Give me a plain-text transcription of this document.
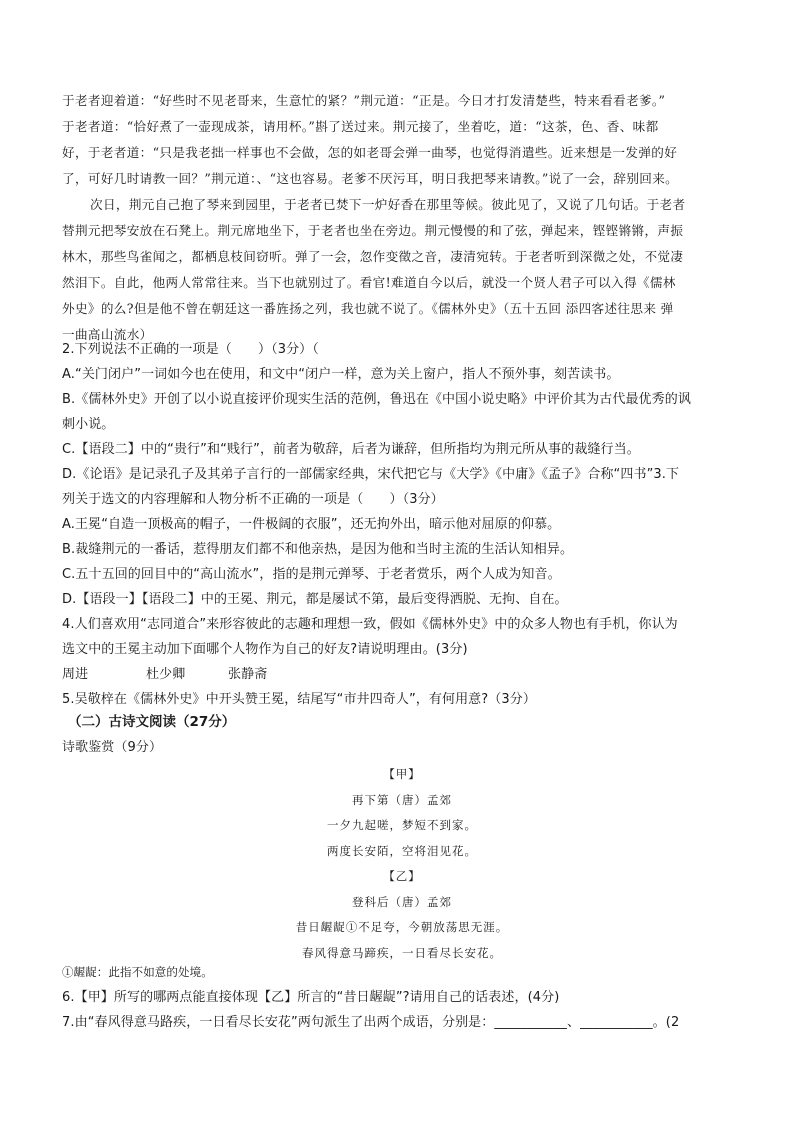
于老者迎着道：“好些时不见老哥来，生意忙的紧？”荆元道：“正是。今日才打发清楚些，特来看看老爹。”
于老者道：“恰好煮了一壶现成茶，请用杯。”斟了送过来。荆元接了，坐着吃，道：“这茶，色、香、味都
好，于老者道：“只是我老拙一样事也不会做，怎的如老哥会弹一曲琴，也觉得消遣些。近来想是一发弹的好
了，可好几时请教一回？”荆元道：、“这也容易。老爹不厌污耳，明日我把琴来请教。”说了一会，辞别回来。
次日，荆元自己抱了琴来到园里，于老者已焚下一炉好香在那里等候。彼此见了，又说了几句话。于老者
替荆元把琴安放在石凳上。荆元席地坐下，于老者也坐在旁边。荆元慢慢的和了弦，弹起来，铿铿锵锵，声振
林木，那些鸟雀闻之，都栖息枝间窃听。弹了一会，忽作变徵之音，凄清宛转。于老者听到深微之处，不觉凄
然泪下。自此，他两人常常往来。当下也就别过了。看官!难道自今以后，就没一个贤人君子可以入得《儒林
外史》的么?但是他不曾在朝廷这一番旌扬之列，我也就不说了。《儒林外史》（五十五回 添四客述往思来 弹
一曲高山流水）
2.下列说法不正确的一项是（　　）（3分）（
A.“关门闭户”一词如今也在使用，和文中“闭户一样，意为关上窗户，指人不预外事，刻苦读书。
B.《儒林外史》开创了以小说直接评价现实生活的范例，鲁迅在《中国小说史略》中评价其为古代最优秀的讽
刺小说。
C.【语段二】中的“贵行”和“贱行”，前者为敬辞，后者为谦辞，但所指均为荆元所从事的裁缝行当。
D.《论语》是记录孔子及其弟子言行的一部儒家经典，宋代把它与《大学》《中庸》《孟子》合称“四书”3.下
列关于选文的内容理解和人物分析不正确的一项是（　　）（3分）
A.王冕“自造一顶极高的帽子，一件极阔的衣服”，还无拘外出，暗示他对屈原的仰慕。
B.裁缝荆元的一番话，惹得朋友们都不和他亲热，是因为他和当时主流的生活认知相异。
C.五十五回的回目中的“高山流水”，指的是荆元弹琴、于老者赏乐，两个人成为知音。
D.【语段一】【语段二】中的王冕、荆元，都是屡试不第，最后变得洒脱、无拘、自在。
4.人们喜欢用“志同道合”来形容彼此的志趣和理想一致，假如《儒林外史》中的众多人物也有手机，你认为
选文中的王冕主动加下面哪个人物作为自己的好友?请说明理由。(3分)
周进	杜少卿	张静斋
5.吴敬梓在《儒林外史》中开头赞王冕，结尾写“市井四奇人”，有何用意?（3分）
（二）古诗文阅读（27分）
诗歌鉴赏（9分）
【甲】
再下第（唐）孟郊
一夕九起嗟，梦短不到家。
两度长安陌，空将泪见花。
【乙】
登科后（唐）孟郊
昔日龌龊①不足夸，今朝放荡思无涯。
春风得意马蹄疾，一日看尽长安花。
①龌龊：此指不如意的处境。
6.【甲】所写的哪两点能直接体现【乙】所言的“昔日龌龊”?请用自己的话表述，(4分)
7.由“春风得意马路疾，一日看尽长安花”两句派生了出两个成语，分别是：___________、___________。(2
